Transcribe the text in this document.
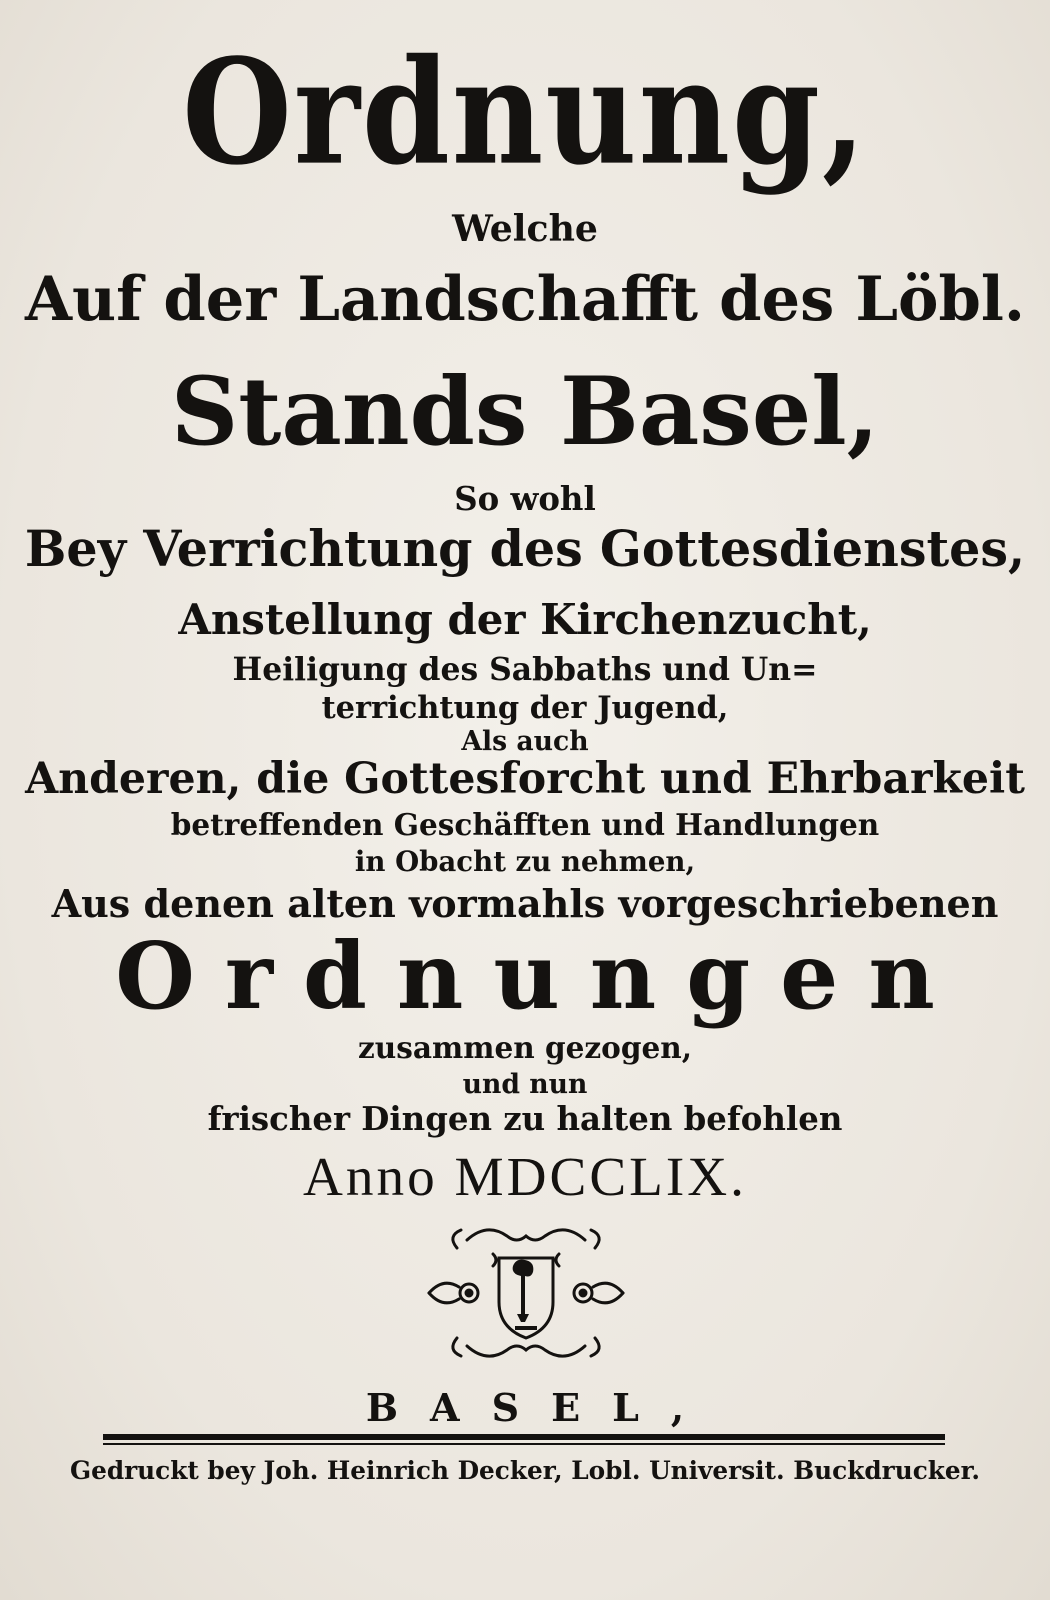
Ordnung,
Welche
Auf der Landschafft des Löbl.
Stands Basel,
So wohl
Bey Verrichtung des Gottesdienstes,
Anstellung der Kirchenzucht,
Heiligung des Sabbaths und Un=
terrichtung der Jugend,
Als auch
Anderen, die Gottesforcht und Ehrbarkeit
betreffenden Geschäfften und Handlungen
in Obacht zu nehmen,
Aus denen alten vormahls vorgeschriebenen
Ordnungen
zusammen gezogen,
und nun
frischer Dingen zu halten befohlen
Anno MDCCLIX.
BASEL,
Gedruckt bey Joh. Heinrich Decker, Lobl. Universit. Buckdrucker.
